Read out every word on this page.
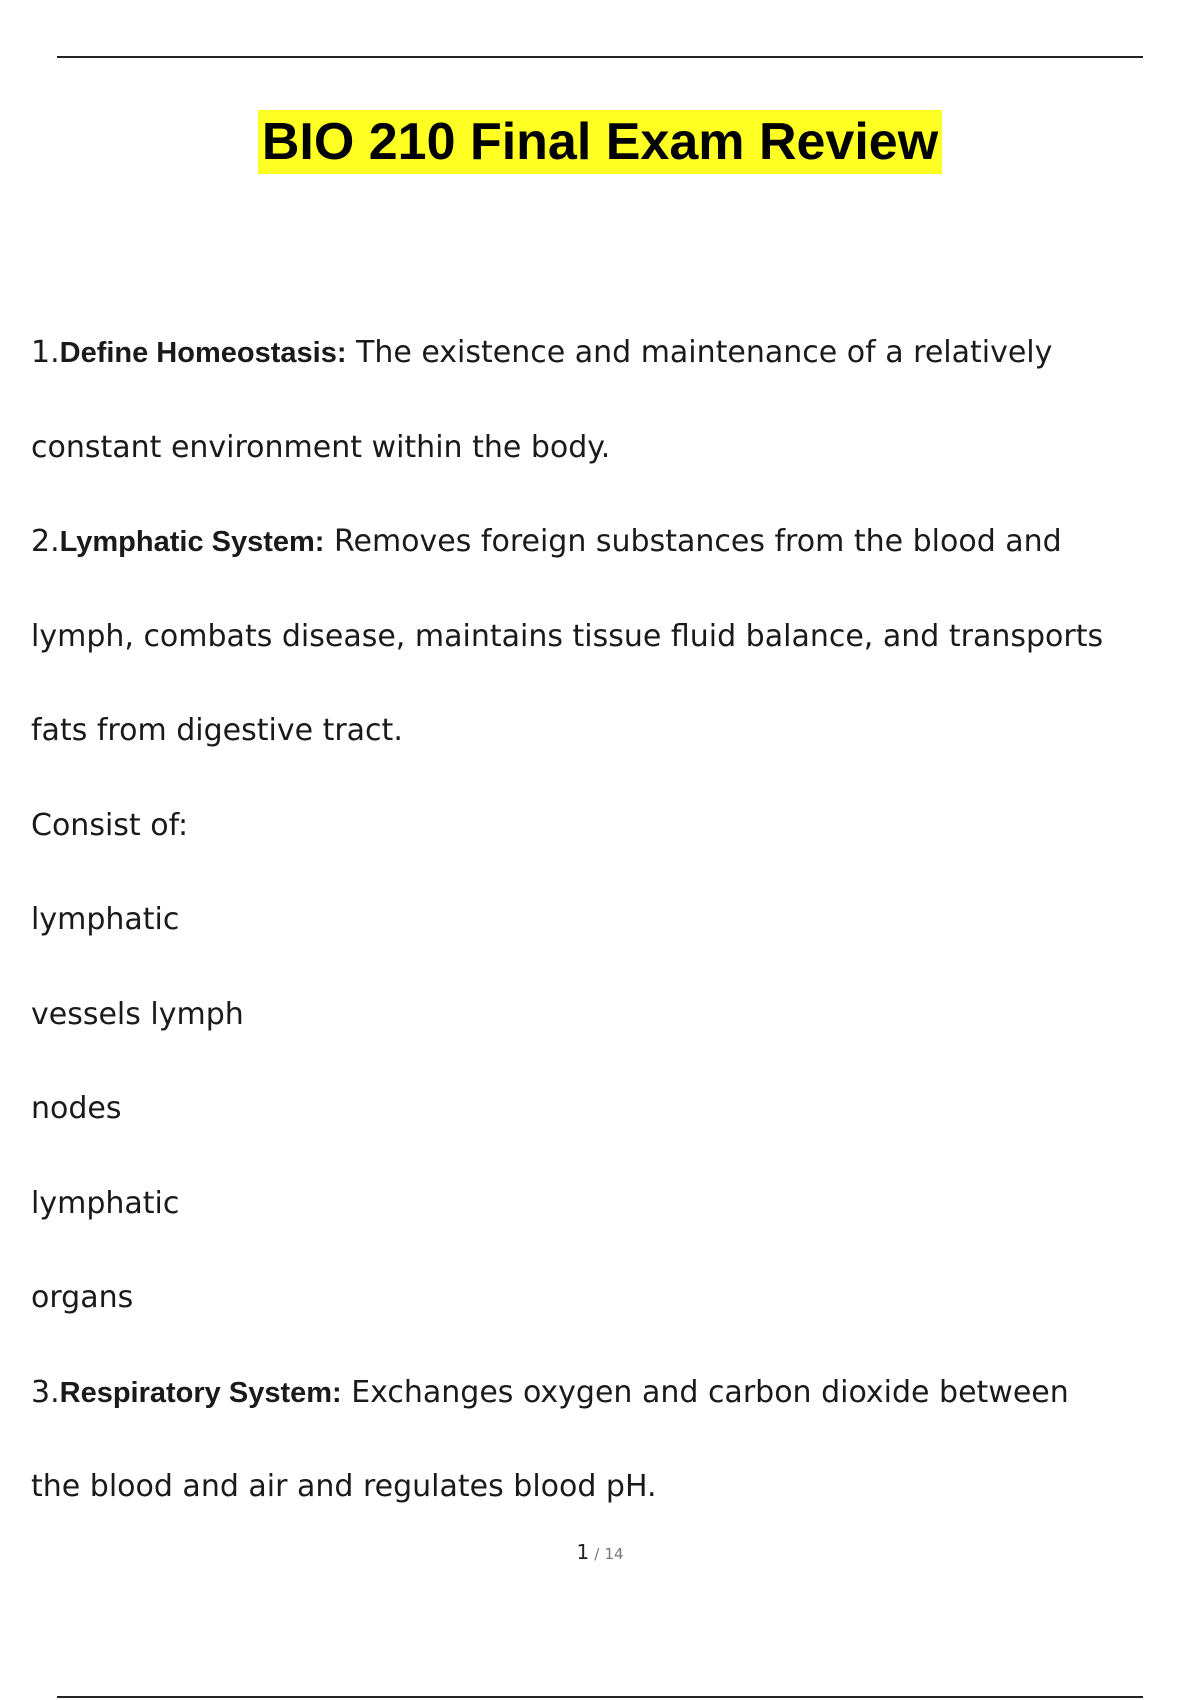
BIO 210 Final Exam Review
1.Define Homeostasis: The existence and maintenance of a relatively
constant environment within the body.
2.Lymphatic System: Removes foreign substances from the blood and
lymph, combats disease, maintains tissue fluid balance, and transports
fats from digestive tract.
Consist of:
lymphatic
vessels lymph
nodes
lymphatic
organs
3.Respiratory System: Exchanges oxygen and carbon dioxide between
the blood and air and regulates blood pH.
1 / 14
